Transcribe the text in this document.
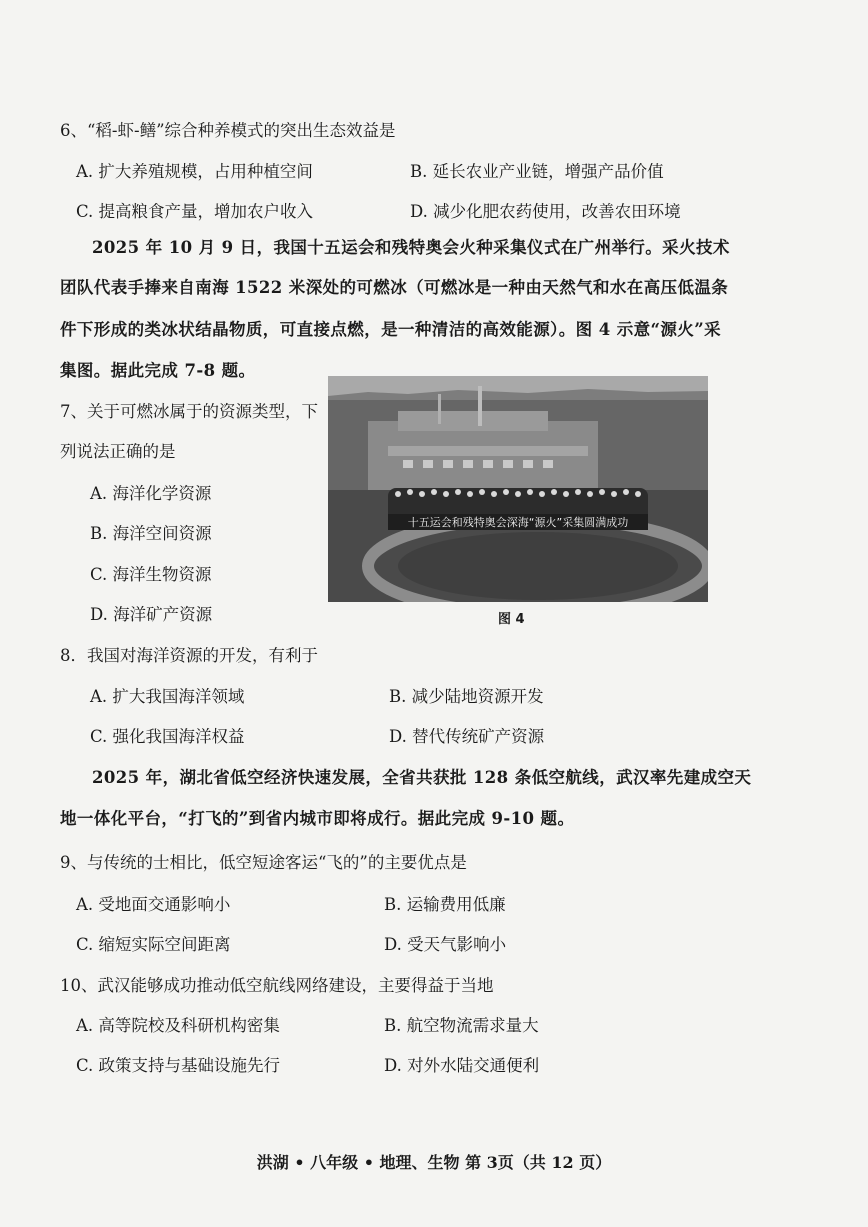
6、“稻-虾-鳝”综合种养模式的突出生态效益是
A. 扩大养殖规模，占用种植空间	B. 延长农业产业链，增强产品价值
C. 提高粮食产量，增加农户收入	D. 减少化肥农药使用，改善农田环境
2025 年 10 月 9 日，我国十五运会和残特奥会火种采集仪式在广州举行。采火技术
团队代表手捧来自南海 1522 米深处的可燃冰（可燃冰是一种由天然气和水在高压低温条
件下形成的类冰状结晶物质，可直接点燃，是一种清洁的高效能源）。图 4 示意“源火”采
集图。据此完成 7-8 题。
7、关于可燃冰属于的资源类型，下
列说法正确的是
A. 海洋化学资源
B. 海洋空间资源
C. 海洋生物资源
D. 海洋矿产资源
十五运会和残特奥会深海“源火”采集圆满成功
图 4
8．我国对海洋资源的开发，有利于
A. 扩大我国海洋领域	B. 减少陆地资源开发
C. 强化我国海洋权益	D. 替代传统矿产资源
2025 年，湖北省低空经济快速发展，全省共获批 128 条低空航线，武汉率先建成空天
地一体化平台，“打飞的”到省内城市即将成行。据此完成 9-10 题。
9、与传统的士相比，低空短途客运“飞的”的主要优点是
A. 受地面交通影响小	B. 运输费用低廉
C. 缩短实际空间距离	D. 受天气影响小
10、武汉能够成功推动低空航线网络建设，主要得益于当地
A. 高等院校及科研机构密集	B. 航空物流需求量大
C. 政策支持与基础设施先行	D. 对外水陆交通便利
洪湖 • 八年级 • 地理、生物 第 3页（共 12 页）
